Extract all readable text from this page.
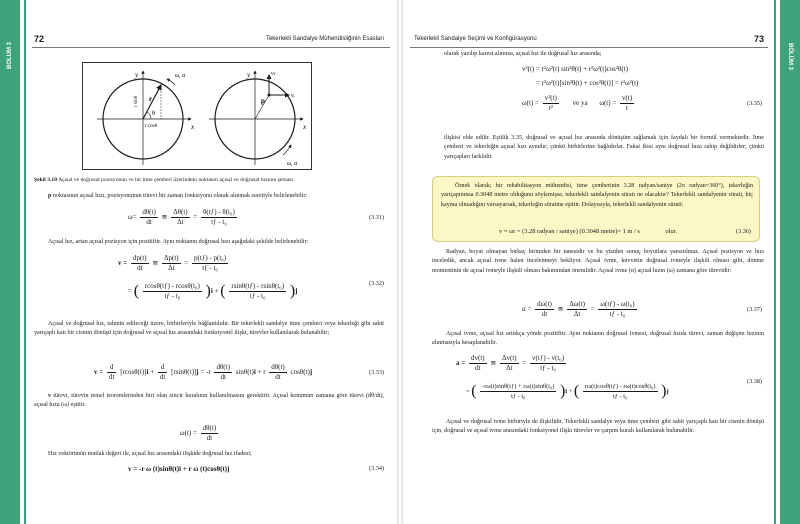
BÖLÜM 3	BÖLÜM 3
72	Tekerlekli Sandalye Mühendisliğinin Esasları
x
y
r
θ
ω, α
r sinθ
r cosθ	x
y	vₜ
vᵣ
p
ω, α
Şekil 3.10 Açısal ve doğrusal pozisyonun ve bir itme çemberi üzerindeki noktanın açısal ve doğrusal hızının şeması.
p noktasının açısal hızı, pozisyonunun türevi bir zaman fonksiyonu olarak alınmak suretiyle belirlenebilir:
$\omega= \frac{d\theta(t)}{dt}$ ≅ $\frac{\Delta\theta(t)}{\Delta t} = \frac{\text{θ(tƒ) - θ(t₀)}}{\text{tƒ - t₀}}$	(3.31)
Açısal hız, artan açısal pozisyon için pozitiftir. Aynı noktanın doğrusal hızı aşağıdaki şekilde belirlenebilir:
$v = \frac{dp(t)}{dt}$ ≅ $\frac{\Delta p(t)}{\Delta t} = \frac{\text{p(tƒ) - p(t₀)}}{\text{tƒ - t₀}}$
= ( $\frac{\text{rcosθ(tƒ) - rcosθ(t₀)}}{\text{tƒ - t₀}} )i$ + ( $\frac{\text{rsinθ(tƒ) - rsinθ(t₀)}}{\text{tƒ - t₀}} )j$
(3.32)
Açısal ve doğrusal hız, tahmin edileceği üzere, birbirleriyle bağlantılıdır. Bir tekerlekli sandalye itme çemberi veya tekerleği gibi sabit yarıçaplı katı bir cismin dönüşü için doğrusal ve açısal hız arasındaki fonksiyonel ilişki, türevler kullanılarak bulunabilir;
$v = \frac{d}{dt} [rcos\theta(t)]i + \frac{d}{dt} [rsin\theta(t)]j = -r \frac{d\theta(t)}{dt} \sin\theta(t)i + r \frac{d\theta(t)}{dt} \cos\theta(t)j$	(3.33)
v türevi, türevin temel teoremlerinden biri olan zincir kuralının kullanılmasını gerektirir. Açısal konumun zamana göre türevi (dθ/dt), açısal hıza (ω) eşittir.
$\omega(t) = \frac{d\theta(t)}{dt}$
Hız vektörünün mutlak değeri ile, açısal hız arasındaki ilişkide doğrusal hız ifadesi;
v = -r ω (t)sinθ(t)i + r ω (t)cosθ(t)j	(3.34)
Tekerlekli Sandalye Seçimi ve Konfigürasyonu	73
olarak yazılıp karesi alınırsa, açısal hız ile doğrusal hız arasında;
v²(t) = r²ω²(t) sin²θ(t) + r²ω²(t)cos²θ(t)
= r²ω²(t)[sin²θ(t) + cos²θ(t)] = r²ω²(t)
$\omega(t) = \frac{\text{v²(t)}}{\text{r²}}$ ve ya $\omega(t) = \frac{v(t)}{r}$	(3.35)
ilişkisi elde edilir. Eşitlik 3.35, doğrusal ve açısal hız arasında dönüşüm sağlamak için faydalı bir formül vermektedir. İtme çemberi ve tekerleğin açısal hızı aynıdır; çünkü birbirlerine bağlıdırlar. Fakat ikisi aynı doğrusal hıza sahip değildirler; çünkü yarıçapları farklıdır.
Örnek olarak; bir rehabilitasyon mühendisi, itme çemberinin 3.28 radyan/saniye (2π radyan=360°), tekerleğin yarıçapınınsa 0.3048 metre olduğunu söylemişse, tekerlekli sandalyenin süratı ne olacaktır? Tekerlekli sandalyenin sürati, hiç kayma olmadığını varsayarsak, tekerleğin süratine eşittir. Dolayısıyla, tekerlekli sandalyenin sürati:
v = ωr = (3.28 radyan / saniye) (0.3048 metre)= 1 m / s	olur.	(3.36)
Radyan, boyut olmayan birkaç birimden bir tanesidir ve bu yüzden sonuç boyutlara yansıtılmaz. Açısal pozisyon ve hızı inceledik, ancak açısal ivme halen incelenmeyi bekliyor. Açısal ivme, kuvvetin doğrusal ivmeyle ilişkili olması gibi, dönme momentinin de açısal ivmeyle ilişkili olması bakımından önemlidir. Açısal ivme (α) açısal hızın (ω) zamana göre türevidir:
$\alpha = \frac{d\omega(t)}{dt}$ ≅ $\frac{\Delta\omega(t)}{\Delta t} = \frac{\text{ω(tƒ) - ω(t₀)}}{\text{tƒ - t₀}}$	(3.37)
Açısal ivme, açısal hız arttıkça yönde pozitiftir. Aynı noktanın doğrusal ivmesi, doğrusal hızda türevi, zaman değişim hızının alınmasıyla hesaplanabilir.
$a = \frac{dv(t)}{dt}$ ≅ $\frac{\Delta v(t)}{\Delta t} = \frac{\text{v(tƒ) - v(t₀)}}{\text{tƒ - t₀}}$
= ( $\frac{\text{-rω(t)sinθ(tƒ) + rω(t)sinθ(t₀)}}{\text{tƒ - t₀}} )i$ + ( $\frac{\text{rω(t)cosθ(tƒ) - rω(t)cosθ(t₀)}}{\text{tƒ - t₀}} )j$
(3.38)
Açısal ve doğrusal ivme birbiriyle de ilişkilidir. Tekerlekli sandalye veya itme çemberi gibi sabit yarıçaplı katı bir cismin dönüşü için, doğrusal ve açısal ivme arasındaki fonksiyonel ilişki türevler ve çarpım kuralı kullanılarak bulunabilir.
